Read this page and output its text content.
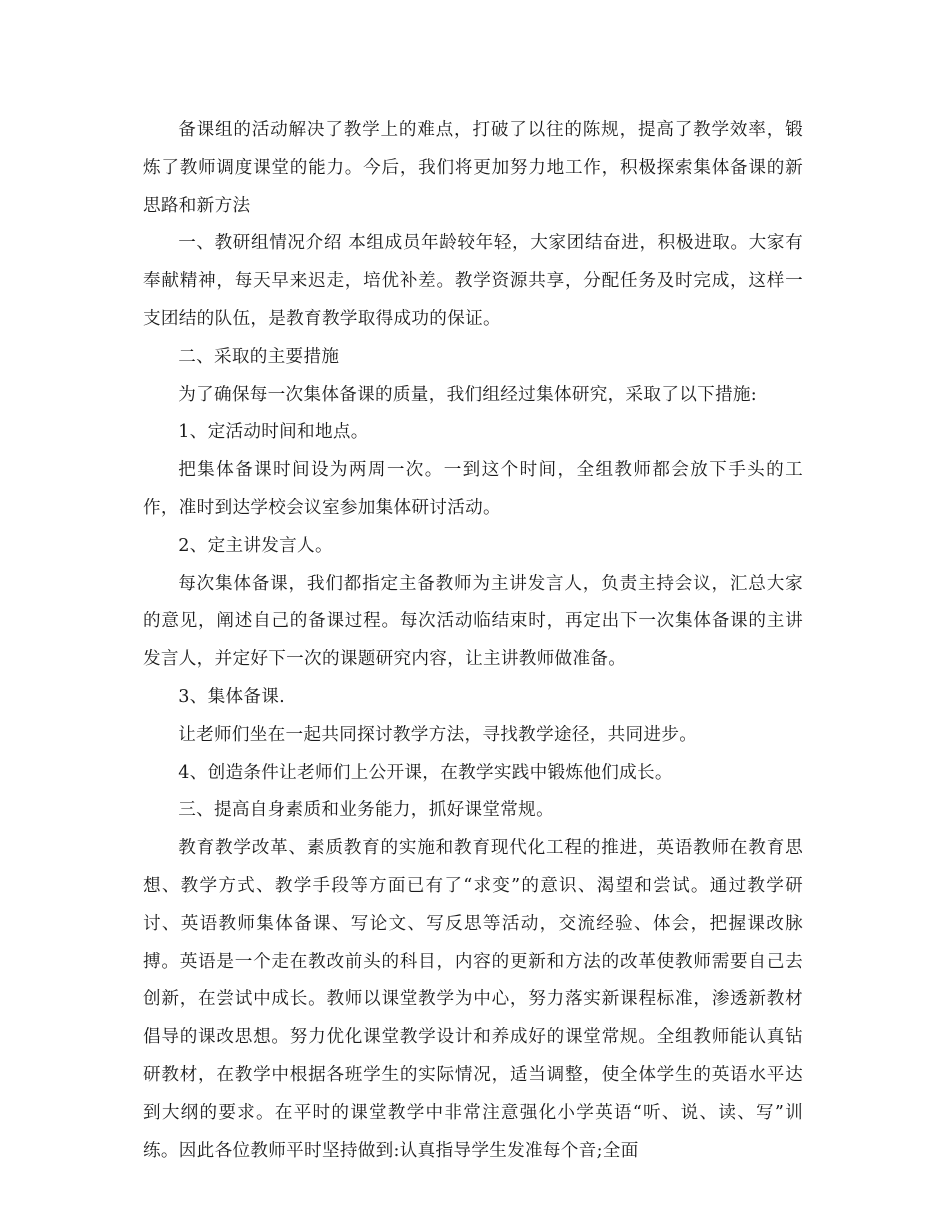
备课组的活动解决了教学上的难点，打破了以往的陈规，提高了教学效率，锻炼了教师调度课堂的能力。今后，我们将更加努力地工作，积极探索集体备课的新思路和新方法

一、教研组情况介绍 本组成员年龄较年轻，大家团结奋进，积极进取。大家有奉献精神，每天早来迟走，培优补差。教学资源共享，分配任务及时完成，这样一支团结的队伍，是教育教学取得成功的保证。

二、采取的主要措施

为了确保每一次集体备课的质量，我们组经过集体研究，采取了以下措施:

1、定活动时间和地点。

把集体备课时间设为两周一次。一到这个时间，全组教师都会放下手头的工作，准时到达学校会议室参加集体研讨活动。

2、定主讲发言人。

每次集体备课，我们都指定主备教师为主讲发言人，负责主持会议，汇总大家的意见，阐述自己的备课过程。每次活动临结束时，再定出下一次集体备课的主讲发言人，并定好下一次的课题研究内容，让主讲教师做准备。

3、集体备课.

让老师们坐在一起共同探讨教学方法，寻找教学途径，共同进步。

4、创造条件让老师们上公开课，在教学实践中锻炼他们成长。

三、提高自身素质和业务能力，抓好课堂常规。

教育教学改革、素质教育的实施和教育现代化工程的推进，英语教师在教育思想、教学方式、教学手段等方面已有了“求变”的意识、渴望和尝试。通过教学研讨、英语教师集体备课、写论文、写反思等活动，交流经验、体会，把握课改脉搏。英语是一个走在教改前头的科目，内容的更新和方法的改革使教师需要自己去创新，在尝试中成长。教师以课堂教学为中心，努力落实新课程标准，渗透新教材倡导的课改思想。努力优化课堂教学设计和养成好的课堂常规。全组教师能认真钻研教材，在教学中根据各班学生的实际情况，适当调整，使全体学生的英语水平达到大纲的要求。在平时的课堂教学中非常注意强化小学英语“听、说、读、写”训练。因此各位教师平时坚持做到:认真指导学生发准每个音;全面
